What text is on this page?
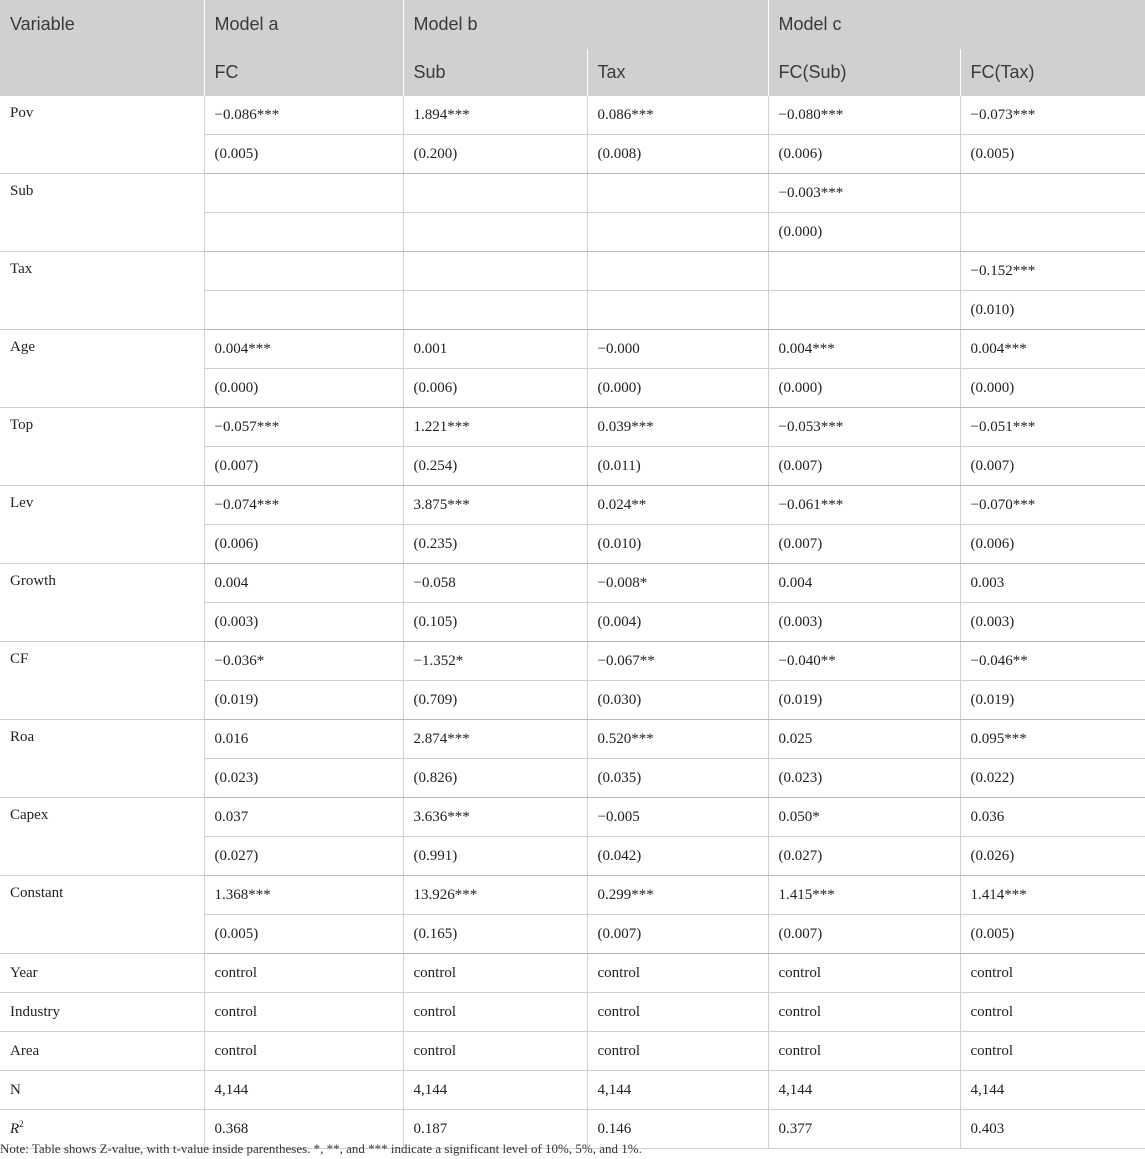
Variable	Model a	Model b		Model c	
	FC	Sub	Tax	FC(Sub)	FC(Tax)
Pov	−0.086***	1.894***	0.086***	−0.080***	−0.073***
	(0.005)	(0.200)	(0.008)	(0.006)	(0.005)
Sub				−0.003***	
				(0.000)	
Tax					−0.152***
					(0.010)
Age	0.004***	0.001	−0.000	0.004***	0.004***
	(0.000)	(0.006)	(0.000)	(0.000)	(0.000)
Top	−0.057***	1.221***	0.039***	−0.053***	−0.051***
	(0.007)	(0.254)	(0.011)	(0.007)	(0.007)
Lev	−0.074***	3.875***	0.024**	−0.061***	−0.070***
	(0.006)	(0.235)	(0.010)	(0.007)	(0.006)
Growth	0.004	−0.058	−0.008*	0.004	0.003
	(0.003)	(0.105)	(0.004)	(0.003)	(0.003)
CF	−0.036*	−1.352*	−0.067**	−0.040**	−0.046**
	(0.019)	(0.709)	(0.030)	(0.019)	(0.019)
Roa	0.016	2.874***	0.520***	0.025	0.095***
	(0.023)	(0.826)	(0.035)	(0.023)	(0.022)
Capex	0.037	3.636***	−0.005	0.050*	0.036
	(0.027)	(0.991)	(0.042)	(0.027)	(0.026)
Constant	1.368***	13.926***	0.299***	1.415***	1.414***
	(0.005)	(0.165)	(0.007)	(0.007)	(0.005)
Year	control	control	control	control	control
Industry	control	control	control	control	control
Area	control	control	control	control	control
N	4,144	4,144	4,144	4,144	4,144
$R^2$	0.368	0.187	0.146	0.377	0.403
Note: Table shows Z-value, with t-value inside parentheses. *, **, and *** indicate a significant level of 10%, 5%, and 1%.
